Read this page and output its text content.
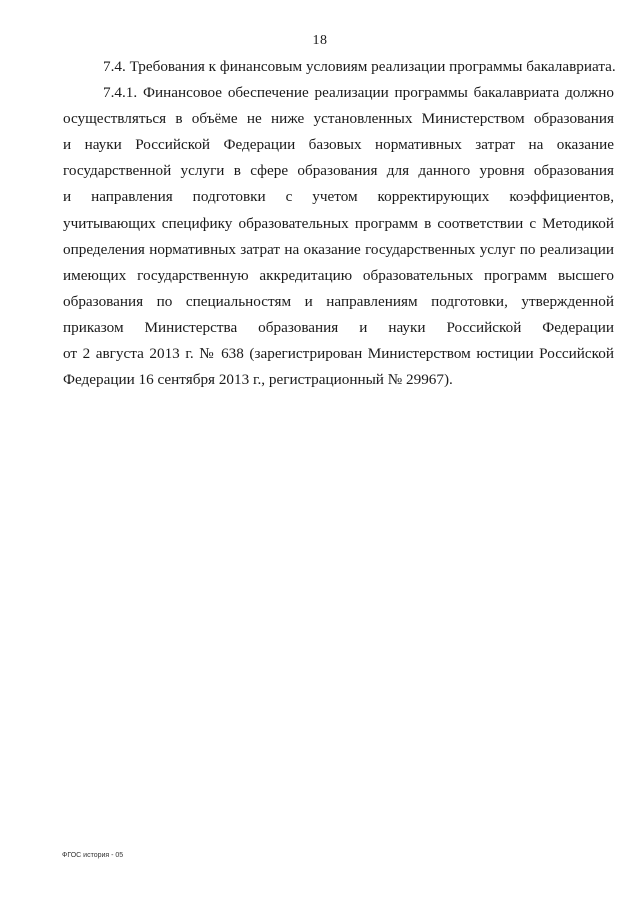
18
7.4. Требования к финансовым условиям реализации программы бакалавриата.

7.4.1. Финансовое обеспечение реализации программы бакалавриата должно
осуществляться в объёме не ниже установленных Министерством образования
и науки Российской Федерации базовых нормативных затрат на оказание
государственной услуги в сфере образования для данного уровня образования
и направления подготовки с учетом корректирующих коэффициентов,
учитывающих специфику образовательных программ в соответствии с Методикой
определения нормативных затрат на оказание государственных услуг по реализации
имеющих государственную аккредитацию образовательных программ высшего
образования по специальностям и направлениям подготовки, утвержденной
приказом Министерства образования и науки Российской Федерации
от 2 августа 2013 г. № 638 (зарегистрирован Министерством юстиции Российской
Федерации 16 сентября 2013 г., регистрационный № 29967).

ФГОС история - 05
